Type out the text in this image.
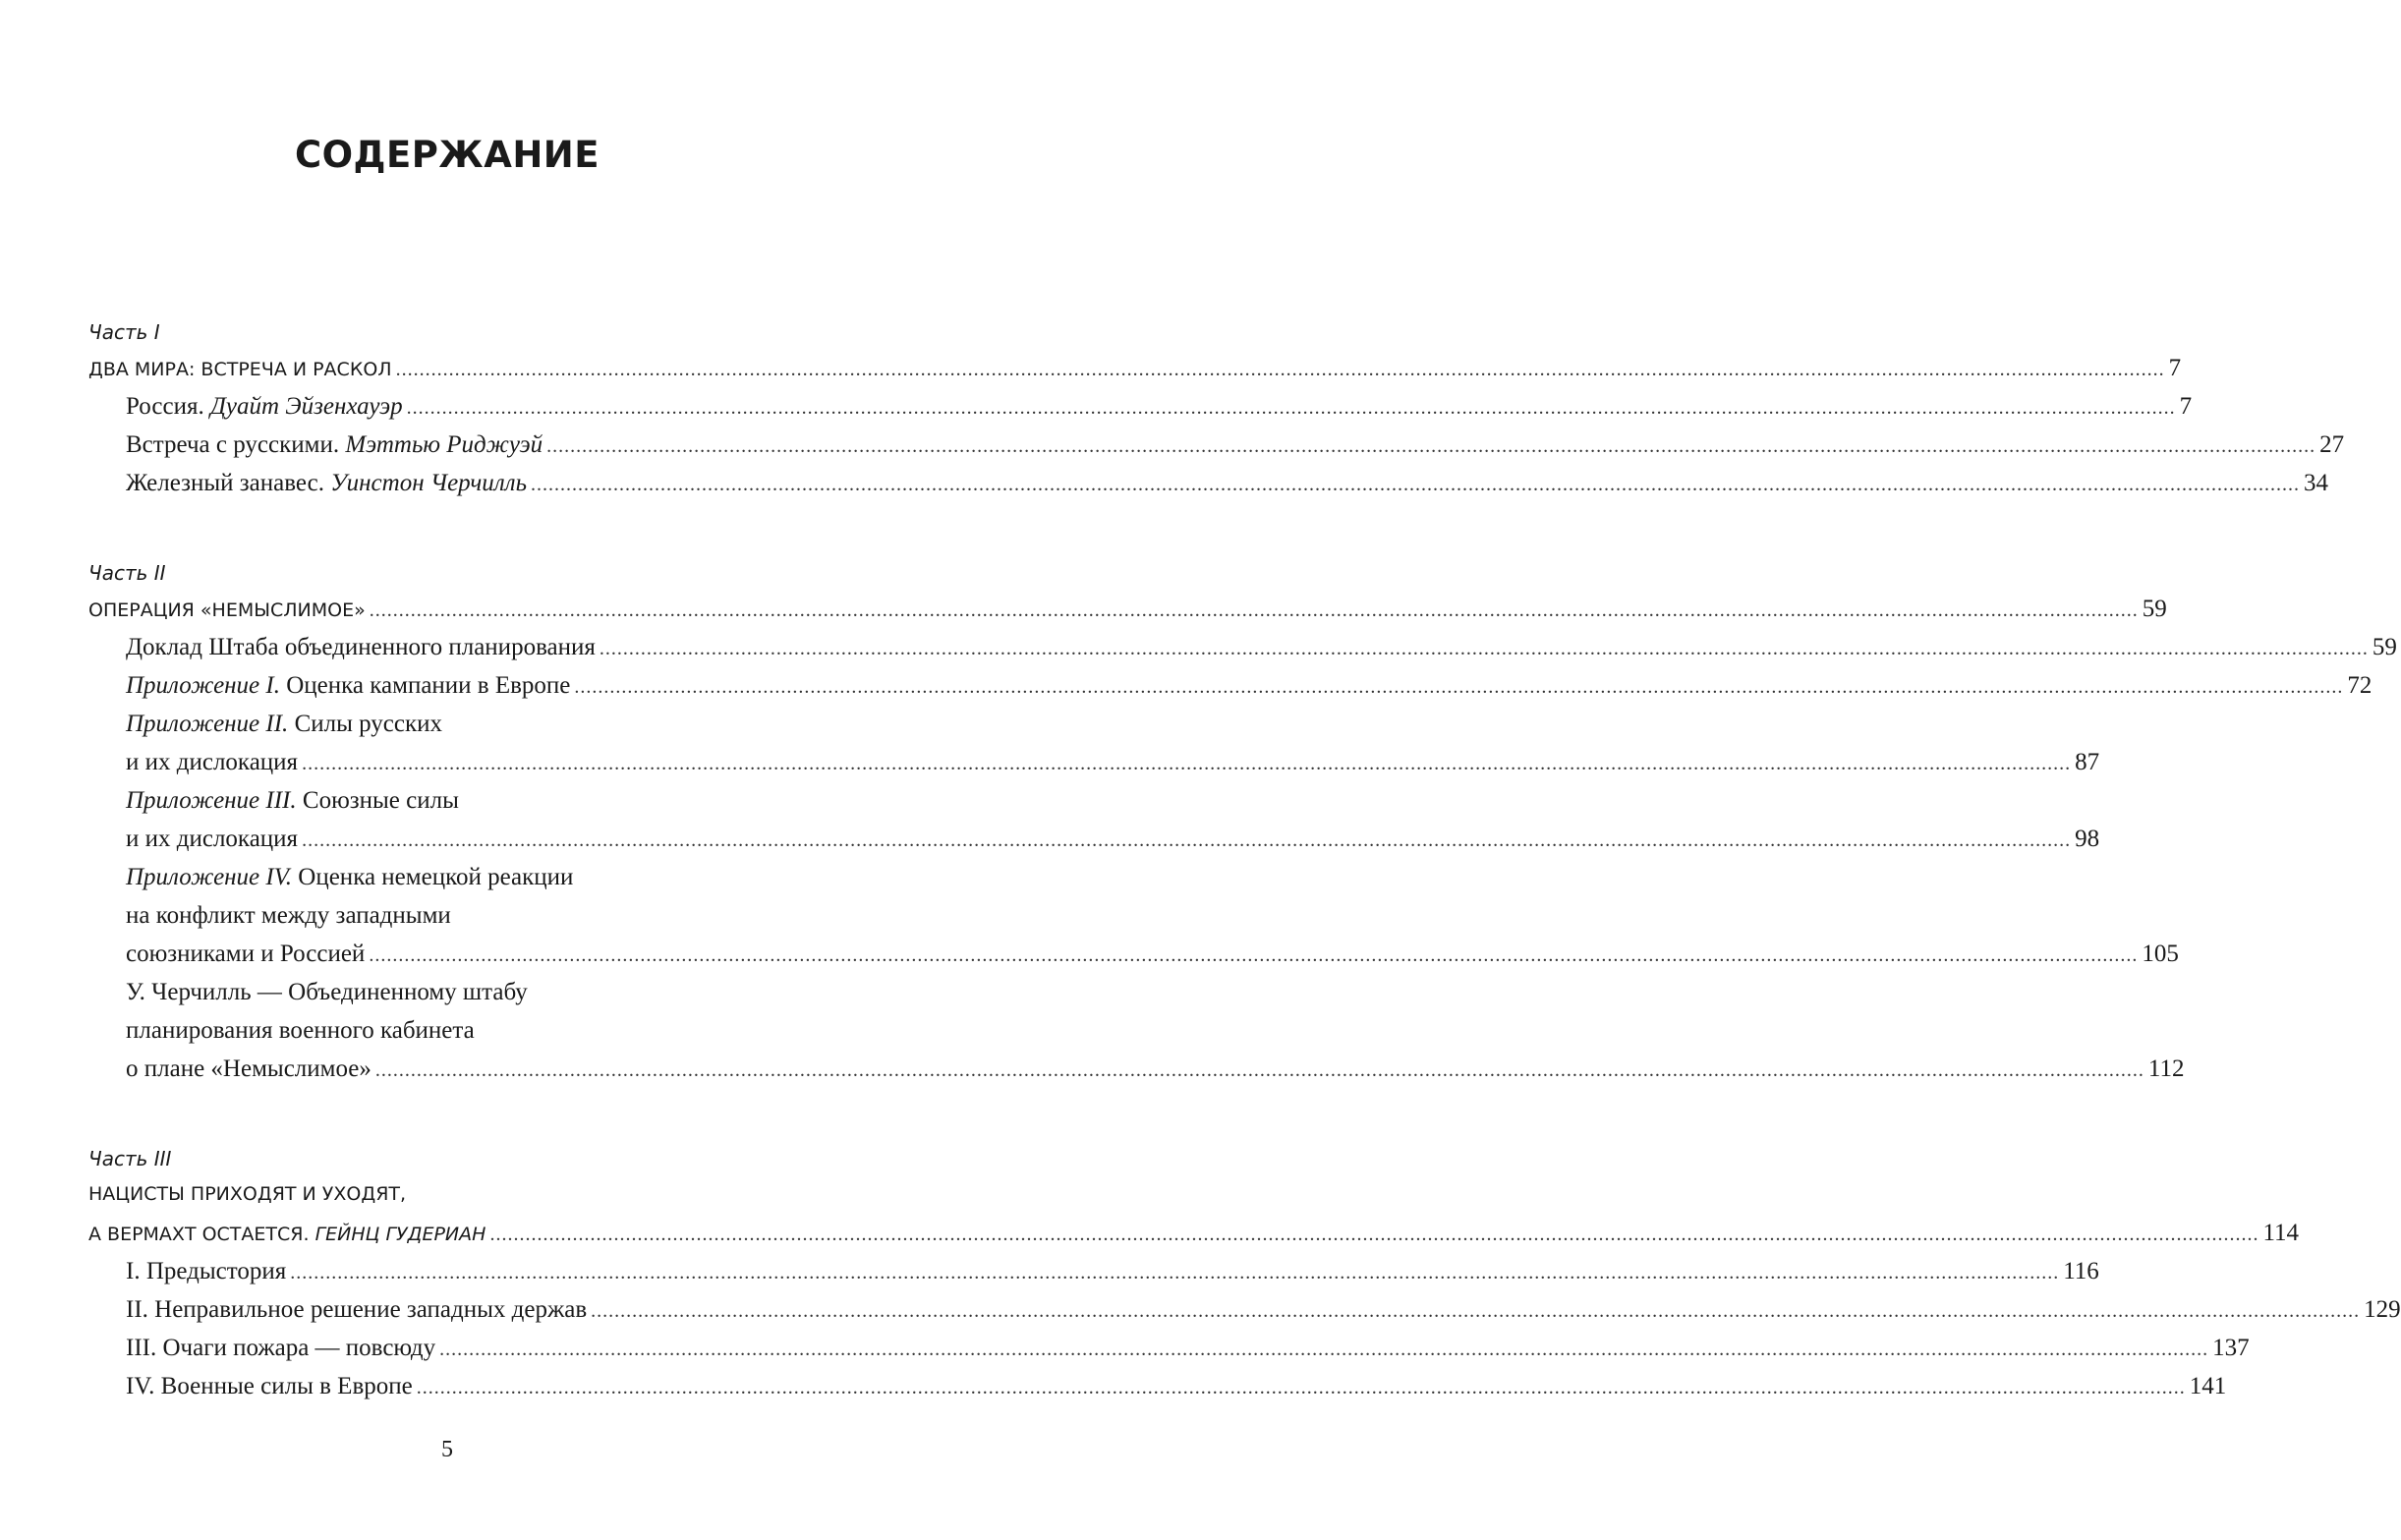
СОДЕРЖАНИЕ
Часть I
ДВА МИРА: ВСТРЕЧА И РАСКОЛ ............................................................................................................................................................................................................................................................................................................ 7
Россия. Дуайт Эйзенхауэр ............................................................................................................................................................................................................................................................................................................ 7
Встреча с русскими. Мэттью Риджуэй ............................................................................................................................................................................................................................................................................................................ 27
Железный занавес. Уинстон Черчилль ............................................................................................................................................................................................................................................................................................................ 34
Часть II
ОПЕРАЦИЯ «НЕМЫСЛИМОЕ» ............................................................................................................................................................................................................................................................................................................ 59
Доклад Штаба объединенного планирования ............................................................................................................................................................................................................................................................................................................ 59
Приложение I. Оценка кампании в Европе ............................................................................................................................................................................................................................................................................................................ 72
Приложение II. Силы русских
и их дислокация ............................................................................................................................................................................................................................................................................................................ 87
Приложение III. Союзные силы
и их дислокация ............................................................................................................................................................................................................................................................................................................ 98
Приложение IV. Оценка немецкой реакции
на конфликт между западными
союзниками и Россией ............................................................................................................................................................................................................................................................................................................ 105
У. Черчилль — Объединенному штабу
планирования военного кабинета
о плане «Немыслимое» ............................................................................................................................................................................................................................................................................................................ 112
Часть III
НАЦИСТЫ ПРИХОДЯТ И УХОДЯТ,
А ВЕРМАХТ ОСТАЕТСЯ. ГЕЙНЦ ГУДЕРИАН ............................................................................................................................................................................................................................................................................................................ 114
I. Предыстория ............................................................................................................................................................................................................................................................................................................ 116
II. Неправильное решение западных держав ............................................................................................................................................................................................................................................................................................................ 129
III. Очаги пожара — повсюду ............................................................................................................................................................................................................................................................................................................ 137
IV. Военные силы в Европе ............................................................................................................................................................................................................................................................................................................ 141
5
